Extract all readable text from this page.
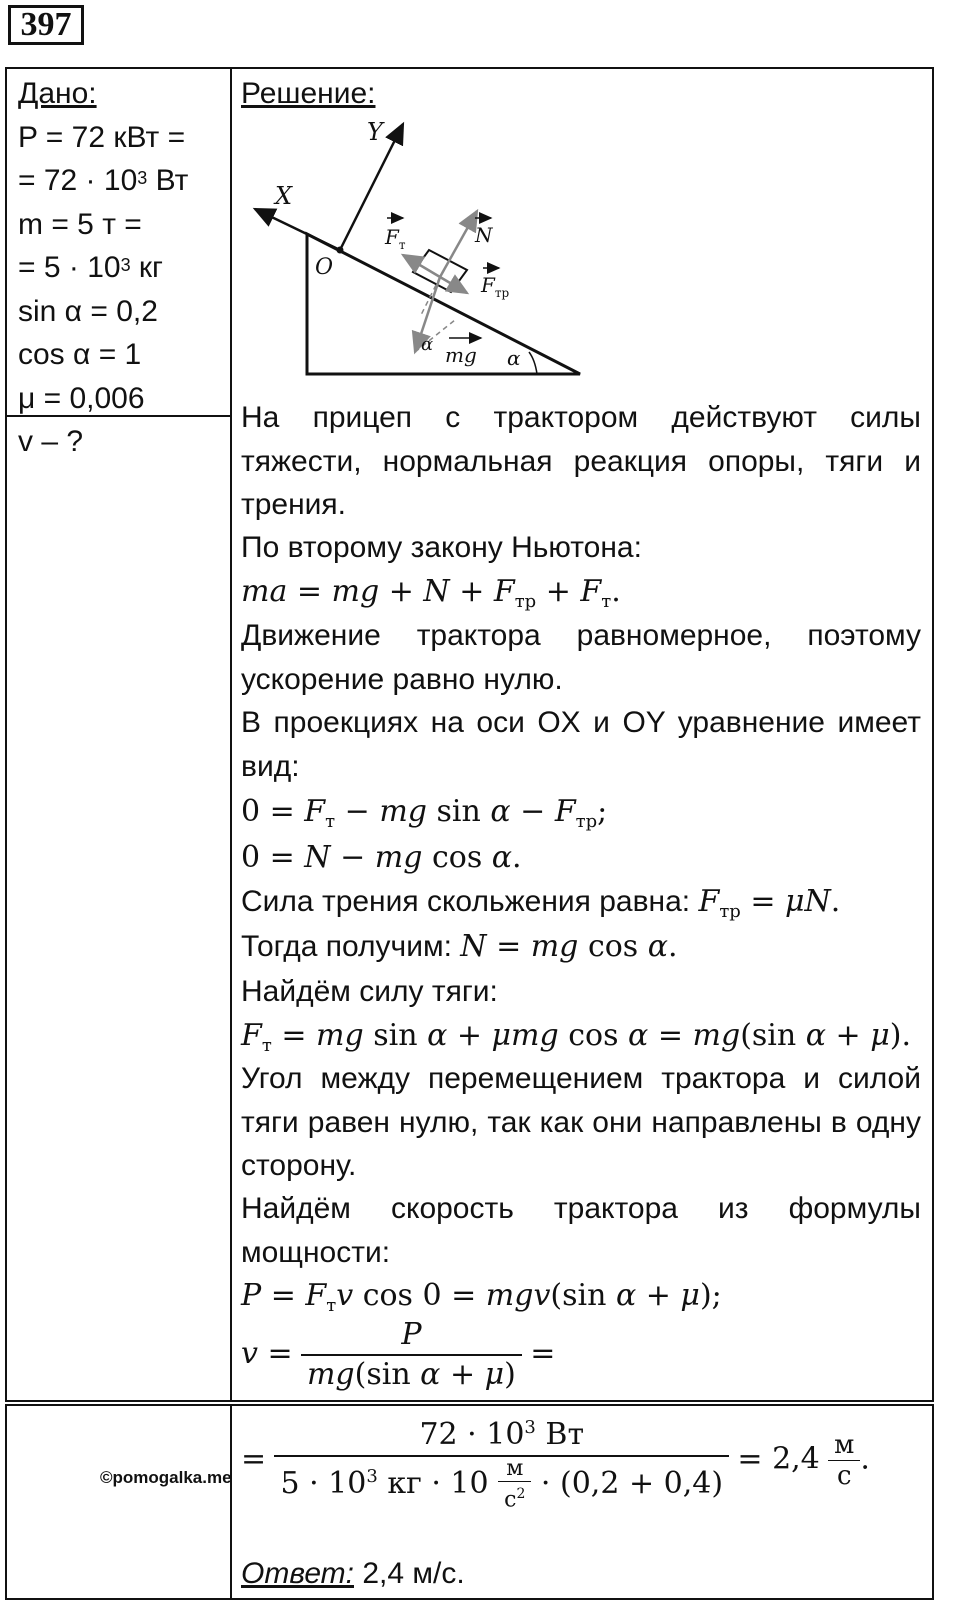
397
Дано:
P = 72 кВт =
= $72 \cdot 10^3$ Вт
m = 5 т =
= $5 \cdot 10^3$ кг
sin α = 0,2
cos α = 1
μ = 0,006
v – ?
Решение:
X
Y
O
$F_т$	N
$F_{тр}$
mg
α
α
На прицеп с трактором действуют силы тяжести, нормальная реакция опоры, тяги и трения.
По второму закону Ньютона:
ma = mg + $N + F_{тр} + F_т$.
Движение трактора равномерное, поэтому ускорение равно нулю.
В проекциях на оси OX и OY уравнение имеет вид:
$0 = F_т$ − mg $\sin \alpha - F_{тр}$;
0 = N − mg cos α.
Сила трения скольжения равна: $F_{тр} = \mu N$.
Тогда получим: N = mg cos α.
Найдём силу тяги:
$F_т$ = mg sin α + μmg cos α = mg(sin α + μ).
Угол между перемещением трактора и силой тяги равен нулю, так как они направлены в одну сторону.
Найдём скорость трактора из формулы мощности:
$P = F_тv$ cos 0 = mgv(sin α + μ);
$v = \frac{P}{\text{mg(sin α + μ)}}$ =
= $\frac{72 \cdot 10^3 Вт}{5 \cdot 10^3 кг \cdot 10 \frac{м}{с^2} \cdot (0,2 + 0,4)} = 2,4 \frac{м}{с}$ .
Ответ: 2,4 м/с.
©pomogalka.me
